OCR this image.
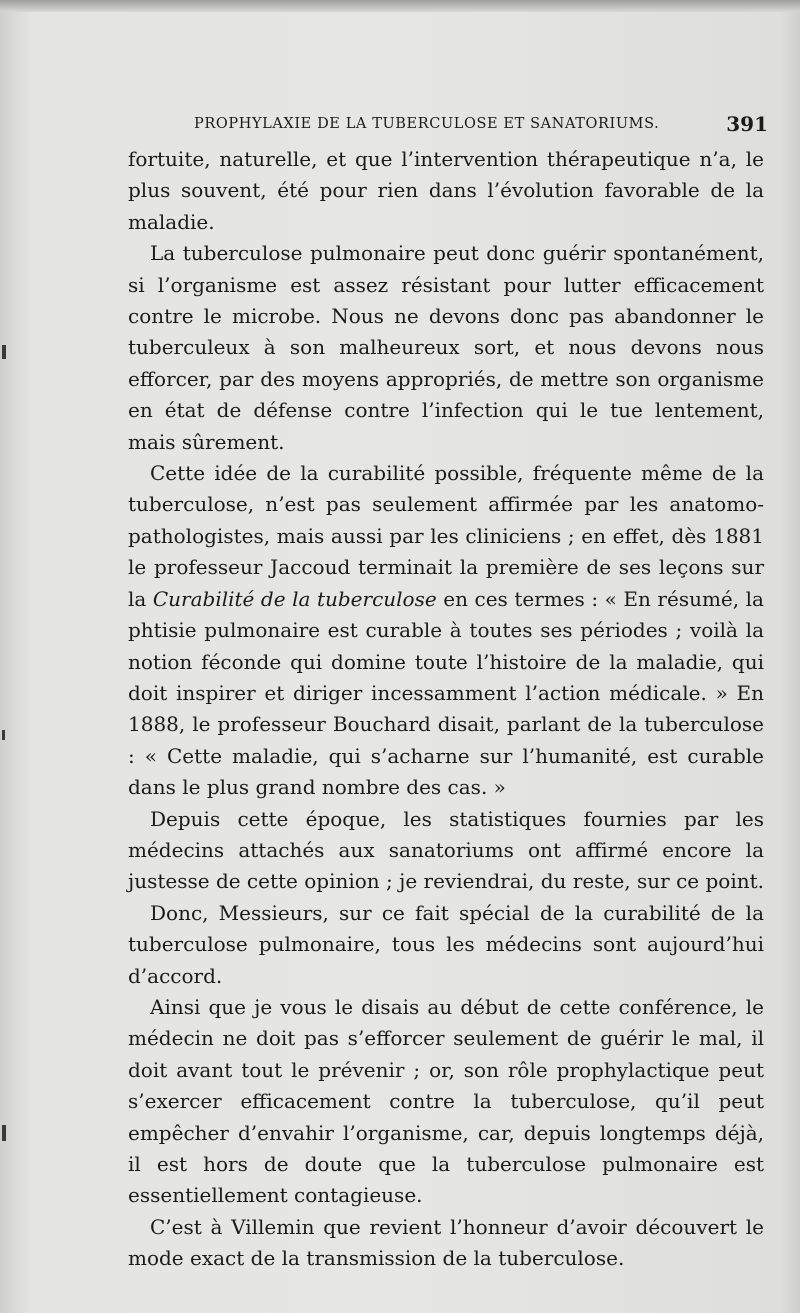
PROPHYLAXIE DE LA TUBERCULOSE ET SANATORIUMS.	391

fortuite, naturelle, et que l’intervention thérapeutique n’a, le plus souvent, été pour rien dans l’évolution favorable de la maladie.

La tuberculose pulmonaire peut donc guérir spontanément, si l’organisme est assez résistant pour lutter efficacement contre le microbe. Nous ne devons donc pas abandonner le tuberculeux à son malheureux sort, et nous devons nous efforcer, par des moyens appropriés, de mettre son organisme en état de défense contre l’infection qui le tue lentement, mais sûrement.

Cette idée de la curabilité possible, fréquente même de la tuberculose, n’est pas seulement affirmée par les anatomo-pathologistes, mais aussi par les cliniciens ; en effet, dès 1881 le professeur Jaccoud terminait la première de ses leçons sur la Curabilité de la tuberculose en ces termes : « En résumé, la phtisie pulmonaire est curable à toutes ses périodes ; voilà la notion féconde qui domine toute l’histoire de la maladie, qui doit inspirer et diriger incessamment l’action médicale. » En 1888, le professeur Bouchard disait, parlant de la tuberculose : « Cette maladie, qui s’acharne sur l’humanité, est curable dans le plus grand nombre des cas. »

Depuis cette époque, les statistiques fournies par les médecins attachés aux sanatoriums ont affirmé encore la justesse de cette opinion ; je reviendrai, du reste, sur ce point.

Donc, Messieurs, sur ce fait spécial de la curabilité de la tuberculose pulmonaire, tous les médecins sont aujourd’hui d’accord.

Ainsi que je vous le disais au début de cette conférence, le médecin ne doit pas s’efforcer seulement de guérir le mal, il doit avant tout le prévenir ; or, son rôle prophylactique peut s’exercer efficacement contre la tuberculose, qu’il peut empêcher d’envahir l’organisme, car, depuis longtemps déjà, il est hors de doute que la tuberculose pulmonaire est essentiellement contagieuse.

C’est à Villemin que revient l’honneur d’avoir découvert le mode exact de la transmission de la tuberculose.
